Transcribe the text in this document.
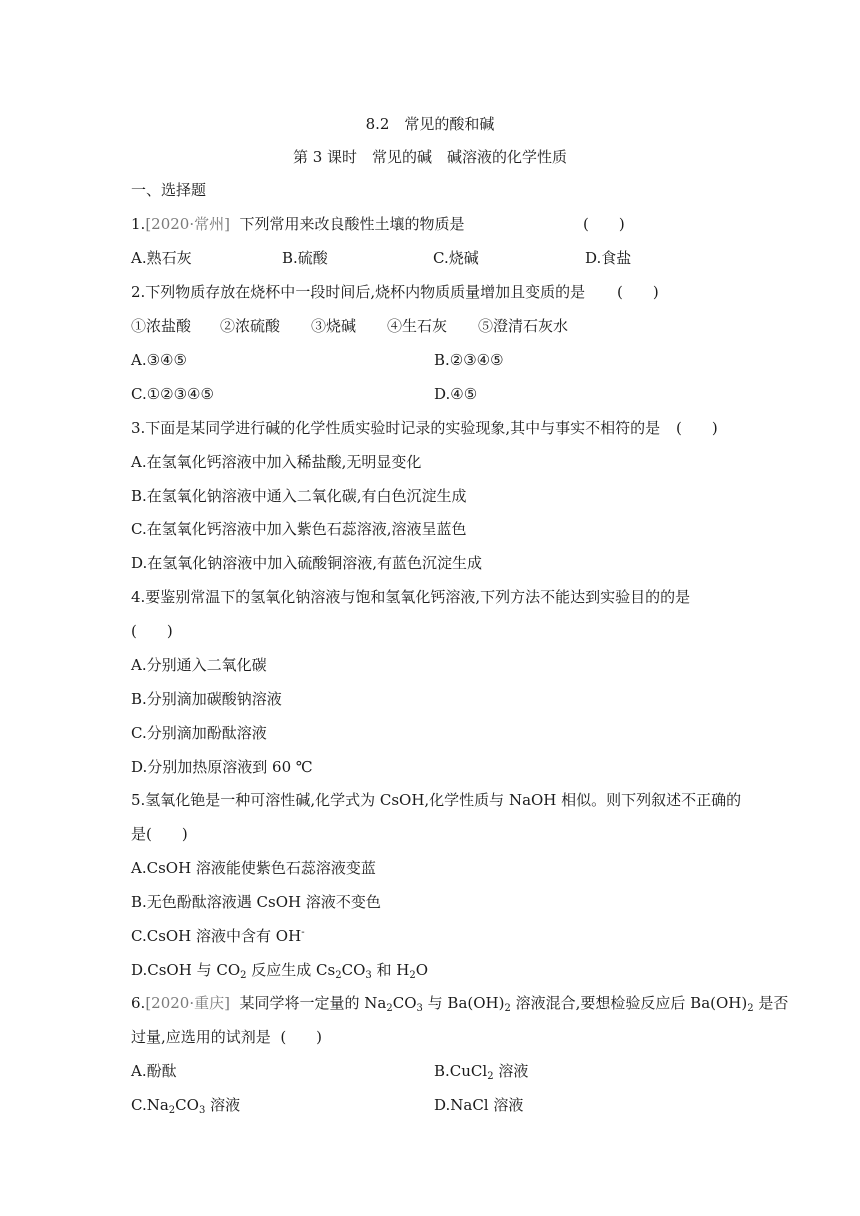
8.2　常见的酸和碱
第 3 课时　常见的碱　碱溶液的化学性质
一、选择题
1.[2020·常州] 下列常用来改良酸性土壤的物质是	(　　)
A.熟石灰	B.硫酸	C.烧碱	D.食盐
2.下列物质存放在烧杯中一段时间后,烧杯内物质质量增加且变质的是 (　　)
①浓盐酸 ②浓硫酸 ③烧碱 ④生石灰 ⑤澄清石灰水
A.③④⑤	B.②③④⑤
C.①②③④⑤	D.④⑤
3.下面是某同学进行碱的化学性质实验时记录的实验现象,其中与事实不相符的是 (　　)
A.在氢氧化钙溶液中加入稀盐酸,无明显变化
B.在氢氧化钠溶液中通入二氧化碳,有白色沉淀生成
C.在氢氧化钙溶液中加入紫色石蕊溶液,溶液呈蓝色
D.在氢氧化钠溶液中加入硫酸铜溶液,有蓝色沉淀生成
4.要鉴别常温下的氢氧化钠溶液与饱和氢氧化钙溶液,下列方法不能达到实验目的的是
(　　)
A.分别通入二氧化碳
B.分别滴加碳酸钠溶液
C.分别滴加酚酞溶液
D.分别加热原溶液到 60 ℃
5.氢氧化铯是一种可溶性碱,化学式为 CsOH,化学性质与 NaOH 相似。则下列叙述不正确的
是(　　)
A.CsOH 溶液能使紫色石蕊溶液变蓝
B.无色酚酞溶液遇 CsOH 溶液不变色
C.CsOH 溶液中含有 OH-
D.CsOH 与 $CO_2$ 反应生成 $Cs_2CO_3$ 和 $H_2O$
6.[2020·重庆] 某同学将一定量的 $Na_2CO_3$ 与 $Ba(OH)_2$ 溶液混合,要想检验反应后 $Ba(OH)_2$ 是否
过量,应选用的试剂是 (　　)
A.酚酞	B.CuCl$_2$ 溶液
$C.Na_2CO_3$ 溶液	D.NaCl 溶液
